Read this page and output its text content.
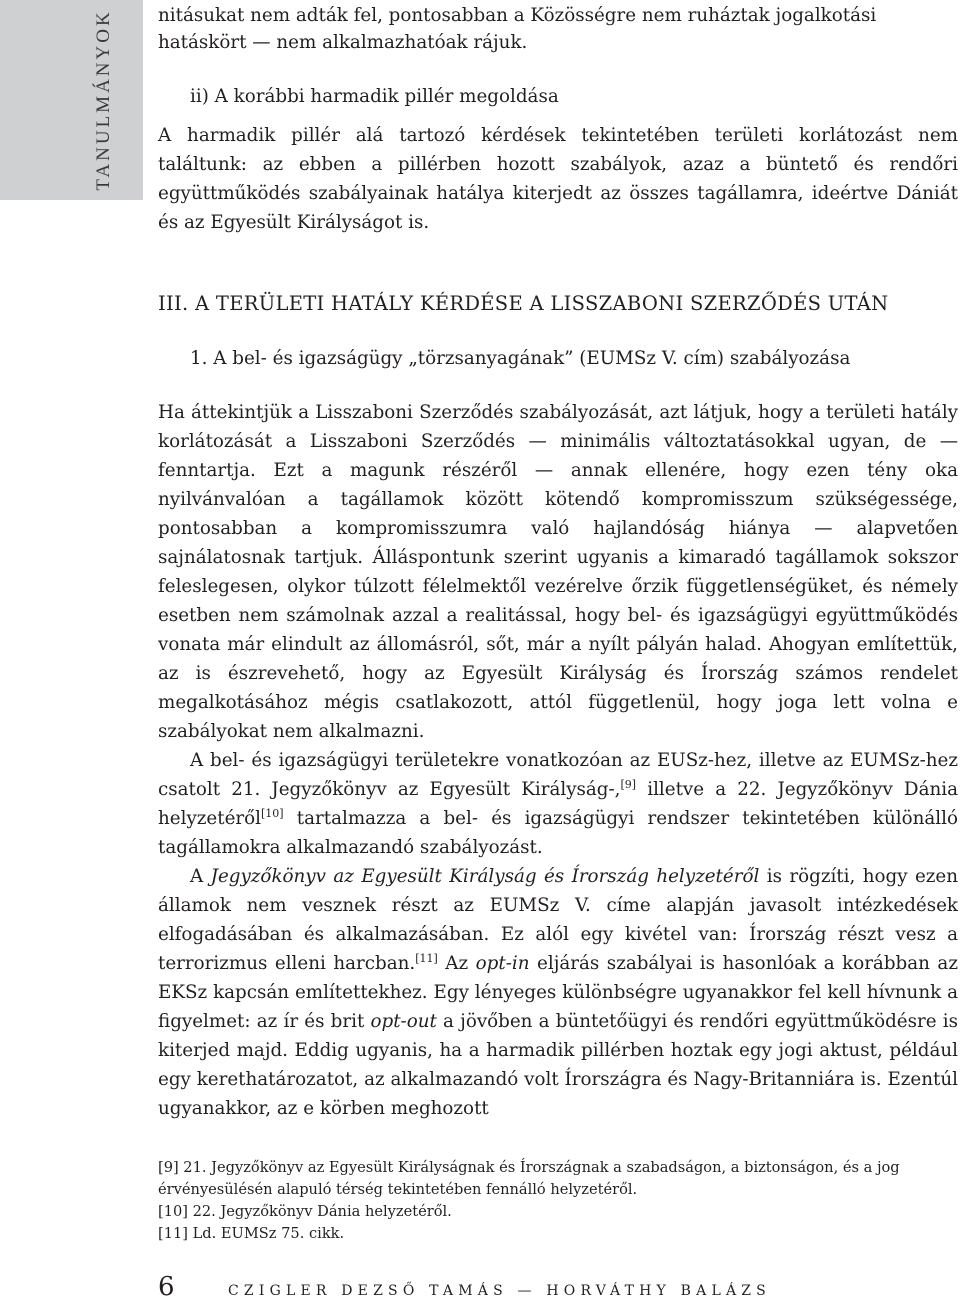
TANULMÁNYOK nitásukat nem adták fel, pontosabban a Közösségre nem ruháztak jogalkotási
hatáskört — nem alkalmazhatóak rájuk.
ii) A korábbi harmadik pillér megoldása

A harmadik pillér alá tartozó kérdések tekintetében területi korlátozást nem találtunk: az ebben a pillérben hozott szabályok, azaz a büntető és rendőri együttműködés szabályainak hatálya kiterjedt az összes tagállamra, ideértve Dániát és az Egyesült Királyságot is.

III. A TERÜLETI HATÁLY KÉRDÉSE A LISSZABONI SZERZŐDÉS UTÁN
1. A bel- és igazságügy „törzsanyagának” (EUMSz V. cím) szabályozása

Ha áttekintjük a Lisszaboni Szerződés szabályozását, azt látjuk, hogy a területi hatály korlátozását a Lisszaboni Szerződés — minimális változtatásokkal ugyan, de — fenntartja. Ezt a magunk részéről — annak ellenére, hogy ezen tény oka nyilvánvalóan a tagállamok között kötendő kompromisszum szükségessége, pontosabban a kompromisszumra való hajlandóság hiánya — alapvetően sajnálatosnak tartjuk. Álláspontunk szerint ugyanis a kimaradó tagállamok sokszor feleslegesen, olykor túlzott félelmektől vezérelve őrzik függetlenségüket, és némely esetben nem számolnak azzal a realitással, hogy bel- és igazságügyi együttműködés vonata már elindult az állomásról, sőt, már a nyílt pályán halad. Ahogyan említettük, az is észrevehető, hogy az Egyesült Királyság és Írország számos rendelet megalkotásához mégis csatlakozott, attól függetlenül, hogy joga lett volna e szabályokat nem alkalmazni.

A bel- és igazságügyi területekre vonatkozóan az EUSz-hez, illetve az EUMSz-hez csatolt 21. Jegyzőkönyv az Egyesült Királyság-,[9] illetve a 22. Jegyzőkönyv Dánia helyzetéről[10] tartalmazza a bel- és igazságügyi rendszer tekintetében különálló tagállamokra alkalmazandó szabályozást.

A Jegyzőkönyv az Egyesült Királyság és Írország helyzetéről is rögzíti, hogy ezen államok nem vesznek részt az EUMSz V. címe alapján javasolt intézkedések elfogadásában és alkalmazásában. Ez alól egy kivétel van: Írország részt vesz a terrorizmus elleni harcban.[11] Az opt-in eljárás szabályai is hasonlóak a korábban az EKSz kapcsán említettekhez. Egy lényeges különbségre ugyanakkor fel kell hívnunk a figyelmet: az ír és brit opt-out a jövőben a büntetőügyi és rendőri együttműködésre is kiterjed majd. Eddig ugyanis, ha a harmadik pillérben hoztak egy jogi aktust, például egy kerethatározatot, az alkalmazandó volt Írországra és Nagy-Britanniára is. Ezentúl ugyanakkor, az e körben meghozott

[9] 21. Jegyzőkönyv az Egyesült Királyságnak és Írországnak a szabadságon, a biztonságon, és a jog érvényesülésén alapuló térség tekintetében fennálló helyzetéről.

[10] 22. Jegyzőkönyv Dánia helyzetéről.

[11] Ld. EUMSz 75. cikk.

6	CZIGLER DEZSŐ TAMÁS — HORVÁTHY BALÁZS
